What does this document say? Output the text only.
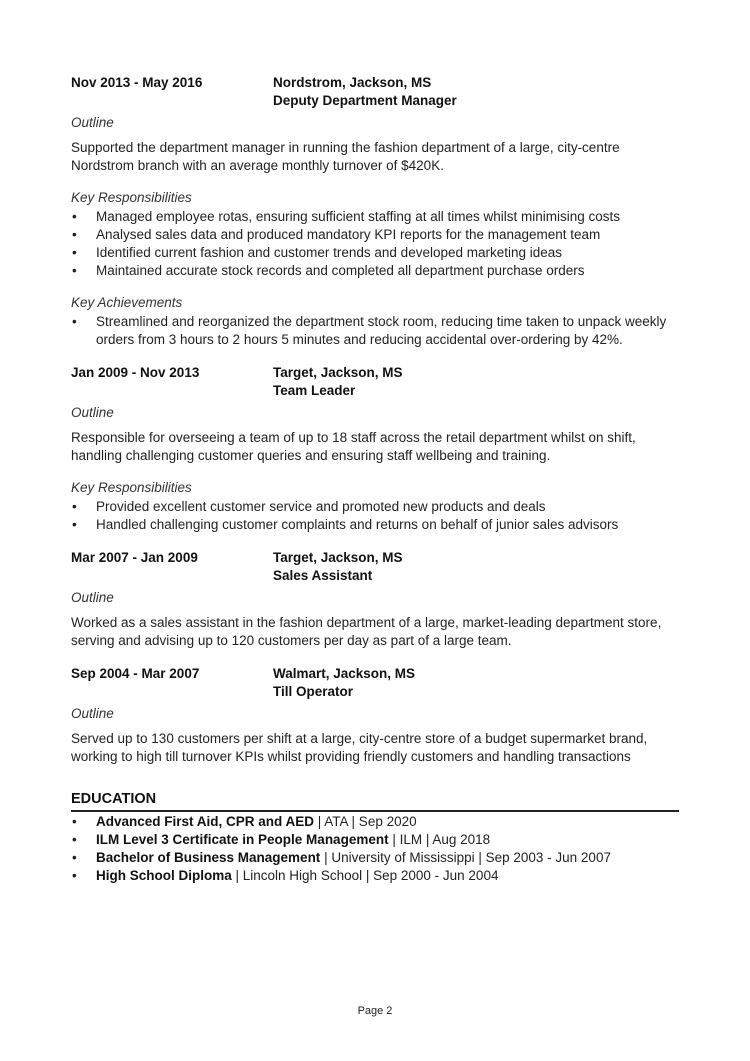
Nov 2013 - May 2016	Nordstrom, Jackson, MS
Deputy Department Manager
Outline

Supported the department manager in running the fashion department of a large, city-centre Nordstrom branch with an average monthly turnover of $420K.

Key Responsibilities
• Managed employee rotas, ensuring sufficient staffing at all times whilst minimising costs
• Analysed sales data and produced mandatory KPI reports for the management team
• Identified current fashion and customer trends and developed marketing ideas
• Maintained accurate stock records and completed all department purchase orders
Key Achievements
• Streamlined and reorganized the department stock room, reducing time taken to unpack weekly orders from 3 hours to 2 hours 5 minutes and reducing accidental over-ordering by 42%.
Jan 2009 - Nov 2013	Target, Jackson, MS
Team Leader
Outline

Responsible for overseeing a team of up to 18 staff across the retail department whilst on shift, handling challenging customer queries and ensuring staff wellbeing and training.

Key Responsibilities
• Provided excellent customer service and promoted new products and deals
• Handled challenging customer complaints and returns on behalf of junior sales advisors
Mar 2007 - Jan 2009	Target, Jackson, MS
Sales Assistant
Outline

Worked as a sales assistant in the fashion department of a large, market-leading department store, serving and advising up to 120 customers per day as part of a large team.

Sep 2004 - Mar 2007	Walmart, Jackson, MS
Till Operator
Outline

Served up to 130 customers per shift at a large, city-centre store of a budget supermarket brand, working to high till turnover KPIs whilst providing friendly customers and handling transactions

EDUCATION
• Advanced First Aid, CPR and AED | ATA | Sep 2020
• ILM Level 3 Certificate in People Management | ILM | Aug 2018
• Bachelor of Business Management | University of Mississippi | Sep 2003 - Jun 2007
• High School Diploma | Lincoln High School | Sep 2000 - Jun 2004
Page 2
